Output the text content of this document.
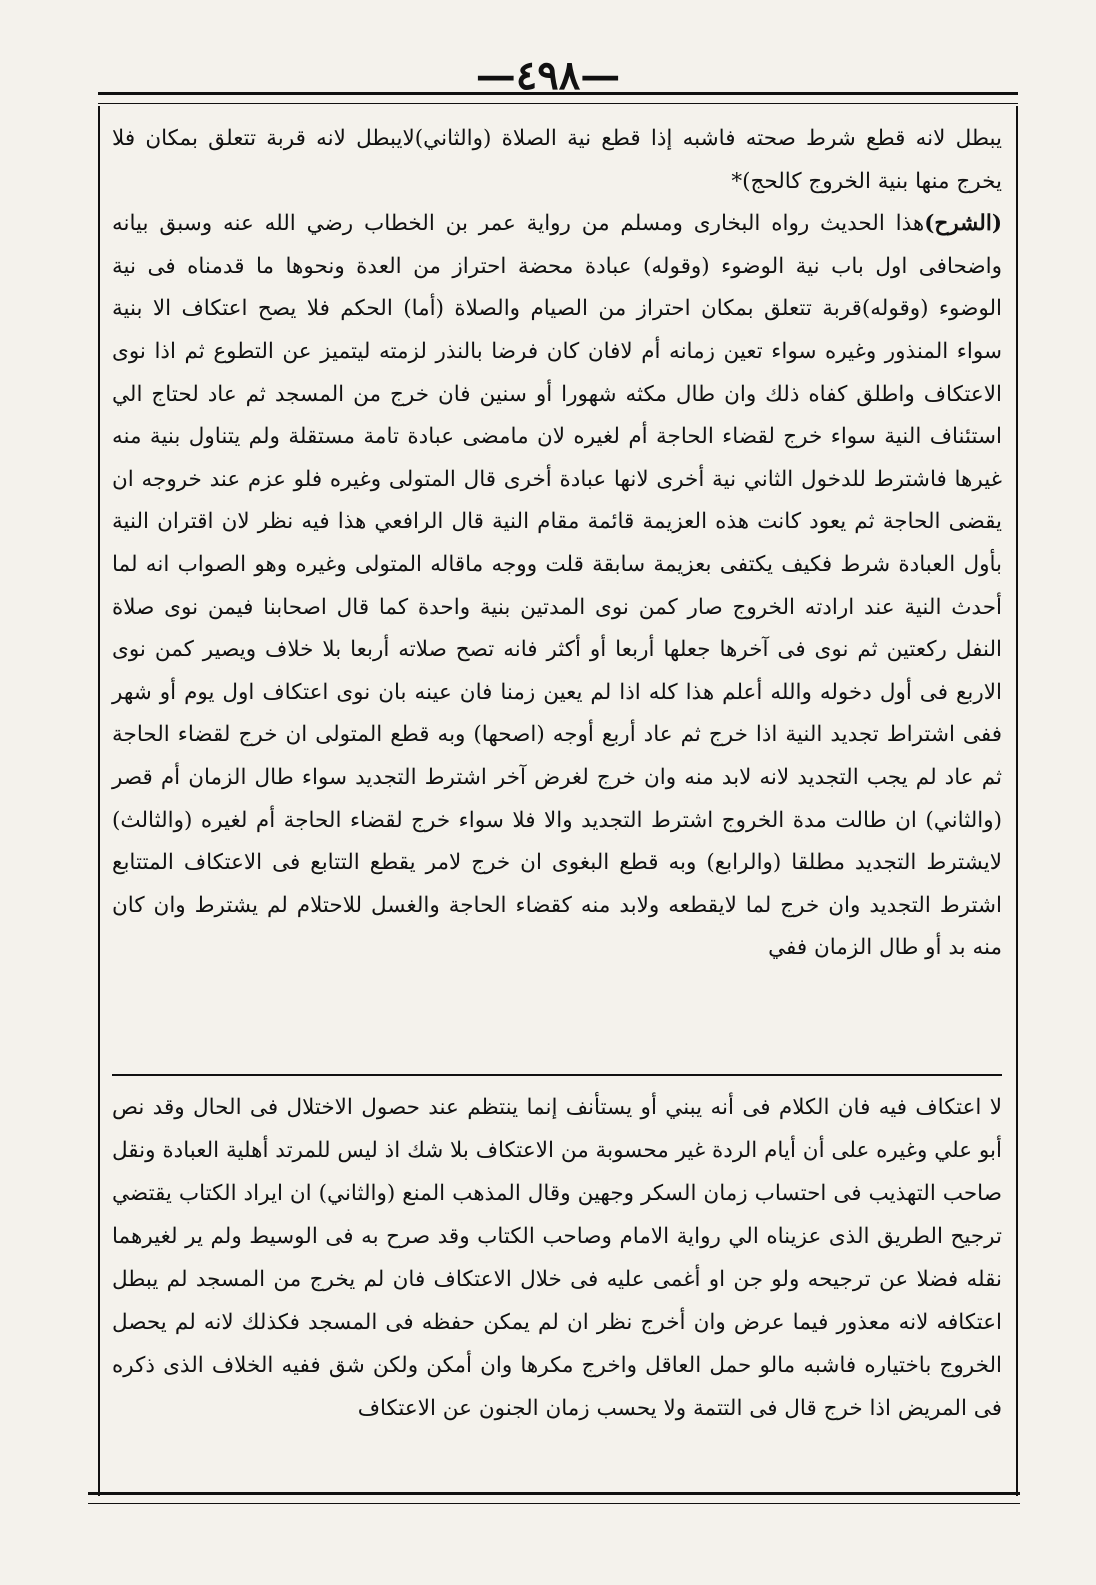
—٤٩٨—

يبطل لانه قطع شرط صحته فاشبه إذا قطع نية الصلاة (والثاني)لايبطل لانه قربة تتعلق بمكان فلا يخرج منها بنية الخروج كالحج)*

(الشرح)هذا الحديث رواه البخارى ومسلم من رواية عمر بن الخطاب رضي الله عنه وسبق بيانه واضحافى اول باب نية الوضوء (وقوله) عبادة محضة احتراز من العدة ونحوها ما قدمناه فى نية الوضوء (وقوله)قربة تتعلق بمكان احتراز من الصيام والصلاة (أما) الحكم فلا يصح اعتكاف الا بنية سواء المنذور وغيره سواء تعين زمانه أم لافان كان فرضا بالنذر لزمته ليتميز عن التطوع ثم اذا نوى الاعتكاف واطلق كفاه ذلك وان طال مكثه شهورا أو سنين فان خرج من المسجد ثم عاد لحتاج الي استئناف النية سواء خرج لقضاء الحاجة أم لغيره لان مامضى عبادة تامة مستقلة ولم يتناول بنية منه غيرها فاشترط للدخول الثاني نية أخرى لانها عبادة أخرى قال المتولى وغيره فلو عزم عند خروجه ان يقضى الحاجة ثم يعود كانت هذه العزيمة قائمة مقام النية قال الرافعي هذا فيه نظر لان اقتران النية بأول العبادة شرط فكيف يكتفى بعزيمة سابقة قلت ووجه ماقاله المتولى وغيره وهو الصواب انه لما أحدث النية عند ارادته الخروج صار كمن نوى المدتين بنية واحدة كما قال اصحابنا فيمن نوى صلاة النفل ركعتين ثم نوى فى آخرها جعلها أربعا أو أكثر فانه تصح صلاته أربعا بلا خلاف ويصير كمن نوى الاربع فى أول دخوله والله أعلم هذا كله اذا لم يعين زمنا فان عينه بان نوى اعتكاف اول يوم أو شهر ففى اشتراط تجديد النية اذا خرج ثم عاد أربع أوجه (اصحها) وبه قطع المتولى ان خرج لقضاء الحاجة ثم عاد لم يجب التجديد لانه لابد منه وان خرج لغرض آخر اشترط التجديد سواء طال الزمان أم قصر (والثاني) ان طالت مدة الخروج اشترط التجديد والا فلا سواء خرج لقضاء الحاجة أم لغيره (والثالث) لايشترط التجديد مطلقا (والرابع) وبه قطع البغوى ان خرج لامر يقطع التتابع فى الاعتكاف المتتابع اشترط التجديد وان خرج لما لايقطعه ولابد منه كقضاء الحاجة والغسل للاحتلام لم يشترط وان كان منه بد أو طال الزمان ففي

لا اعتكاف فيه فان الكلام فى أنه يبني أو يستأنف إنما ينتظم عند حصول الاختلال فى الحال وقد نص أبو علي وغيره على أن أيام الردة غير محسوبة من الاعتكاف بلا شك اذ ليس للمرتد أهلية العبادة ونقل صاحب التهذيب فى احتساب زمان السكر وجهين وقال المذهب المنع (والثاني) ان ايراد الكتاب يقتضي ترجيح الطريق الذى عزيناه الي رواية الامام وصاحب الكتاب وقد صرح به فى الوسيط ولم ير لغيرهما نقله فضلا عن ترجيحه ولو جن او أغمى عليه فى خلال الاعتكاف فان لم يخرج من المسجد لم يبطل اعتكافه لانه معذور فيما عرض وان أخرج نظر ان لم يمكن حفظه فى المسجد فكذلك لانه لم يحصل الخروج باختياره فاشبه مالو حمل العاقل واخرج مكرها وان أمكن ولكن شق ففيه الخلاف الذى ذكره فى المريض اذا خرج قال فى التتمة ولا يحسب زمان الجنون عن الاعتكاف
